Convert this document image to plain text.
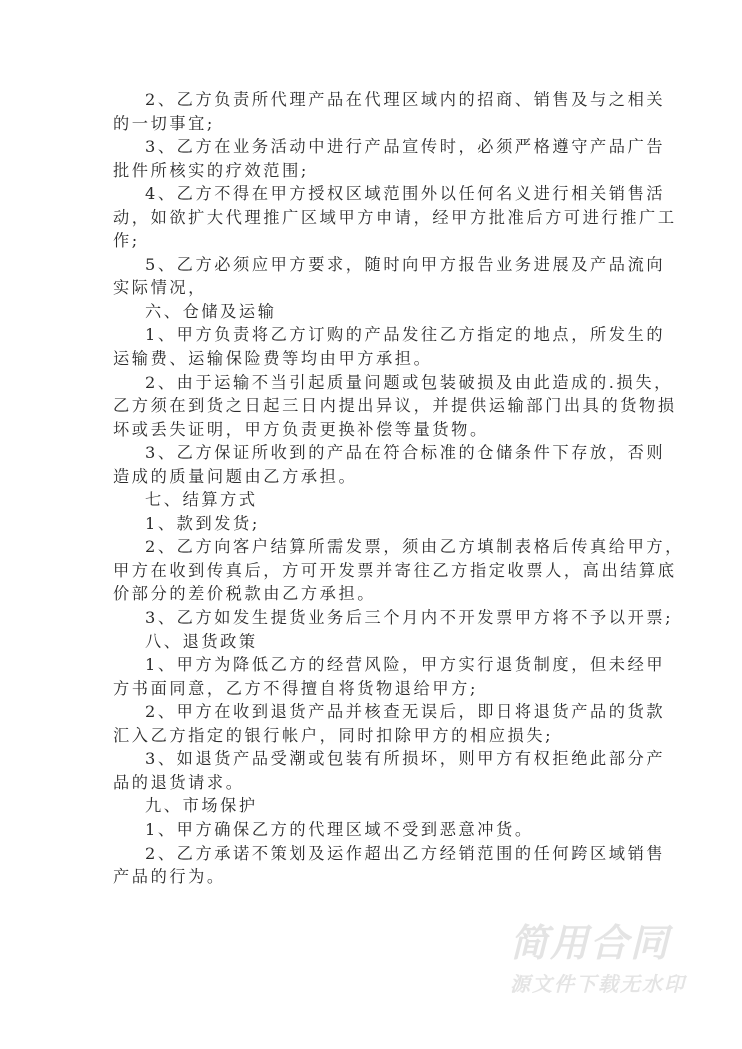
2、乙方负责所代理产品在代理区域内的招商、销售及与之相关
的一切事宜;
3、乙方在业务活动中进行产品宣传时，必须严格遵守产品广告
批件所核实的疗效范围;
4、乙方不得在甲方授权区域范围外以任何名义进行相关销售活
动，如欲扩大代理推广区域甲方申请，经甲方批准后方可进行推广工
作;
5、乙方必须应甲方要求，随时向甲方报告业务进展及产品流向
实际情况，
六、仓储及运输
1、甲方负责将乙方订购的产品发往乙方指定的地点，所发生的
运输费、运输保险费等均由甲方承担。
2、由于运输不当引起质量问题或包装破损及由此造成的.损失，
乙方须在到货之日起三日内提出异议，并提供运输部门出具的货物损
坏或丢失证明，甲方负责更换补偿等量货物。
3、乙方保证所收到的产品在符合标准的仓储条件下存放，否则
造成的质量问题由乙方承担。
七、结算方式
1、款到发货;
2、乙方向客户结算所需发票，须由乙方填制表格后传真给甲方，
甲方在收到传真后，方可开发票并寄往乙方指定收票人，高出结算底
价部分的差价税款由乙方承担。
3、乙方如发生提货业务后三个月内不开发票甲方将不予以开票;
八、退货政策
1、甲方为降低乙方的经营风险，甲方实行退货制度，但未经甲
方书面同意，乙方不得擅自将货物退给甲方;
2、甲方在收到退货产品并核查无误后，即日将退货产品的货款
汇入乙方指定的银行帐户，同时扣除甲方的相应损失;
3、如退货产品受潮或包装有所损坏，则甲方有权拒绝此部分产
品的退货请求。
九、市场保护
1、甲方确保乙方的代理区域不受到恶意冲货。
2、乙方承诺不策划及运作超出乙方经销范围的任何跨区域销售
产品的行为。
简用合同
源文件下载无水印
